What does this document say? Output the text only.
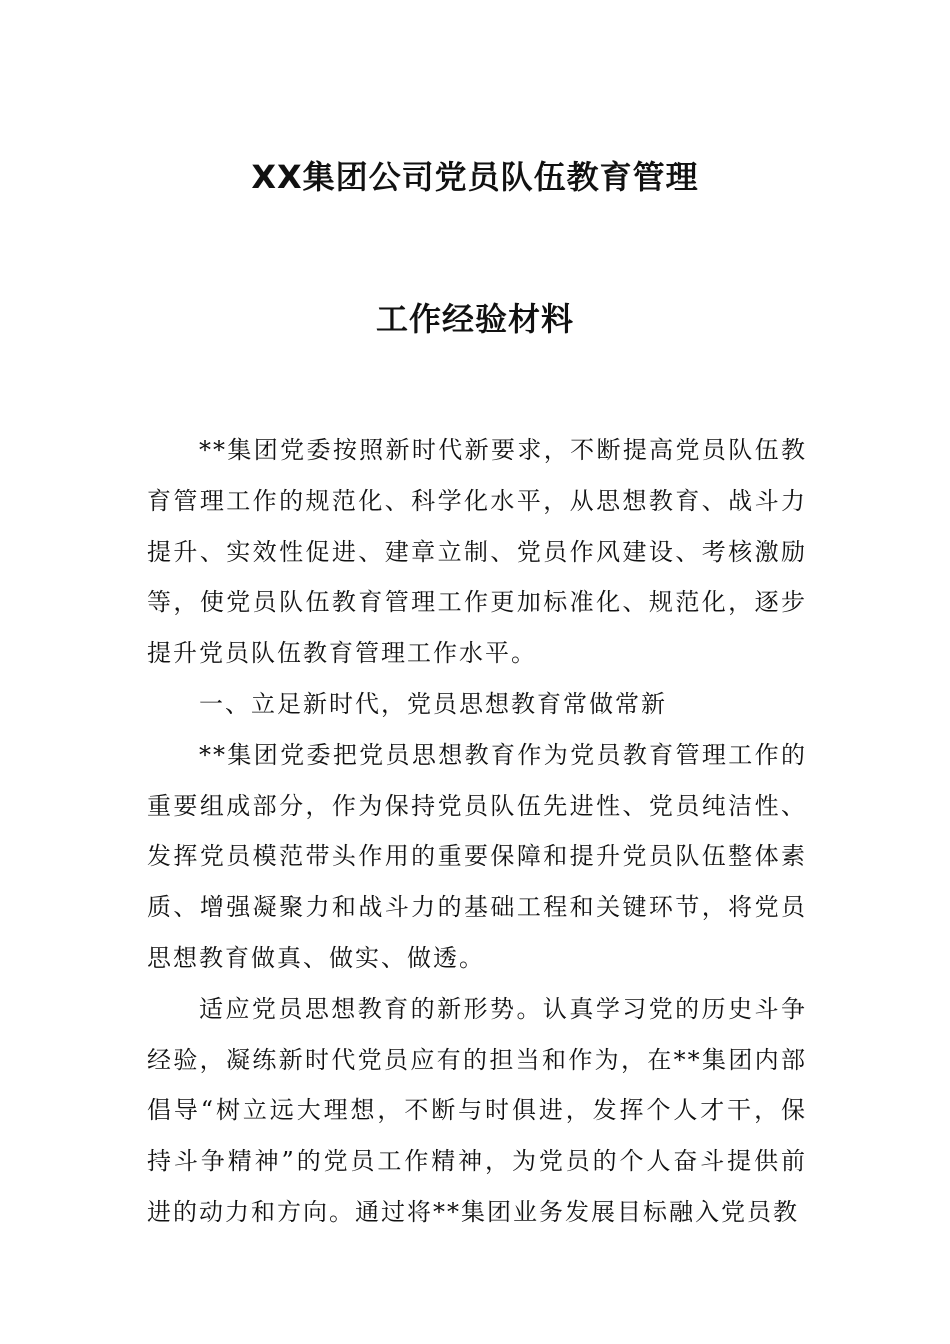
XX集团公司党员队伍教育管理
工作经验材料

**集团党委按照新时代新要求，不断提高党员队伍教育管理工作的规范化、科学化水平，从思想教育、战斗力提升、实效性促进、建章立制、党员作风建设、考核激励等，使党员队伍教育管理工作更加标准化、规范化，逐步提升党员队伍教育管理工作水平。

一、立足新时代，党员思想教育常做常新

**集团党委把党员思想教育作为党员教育管理工作的重要组成部分，作为保持党员队伍先进性、党员纯洁性、发挥党员模范带头作用的重要保障和提升党员队伍整体素质、增强凝聚力和战斗力的基础工程和关键环节，将党员思想教育做真、做实、做透。

适应党员思想教育的新形势。认真学习党的历史斗争经验，凝练新时代党员应有的担当和作为，在**集团内部倡导“树立远大理想，不断与时俱进，发挥个人才干，保持斗争精神”的党员工作精神，为党员的个人奋斗提供前进的动力和方向。通过将**集团业务发展目标融入党员教
